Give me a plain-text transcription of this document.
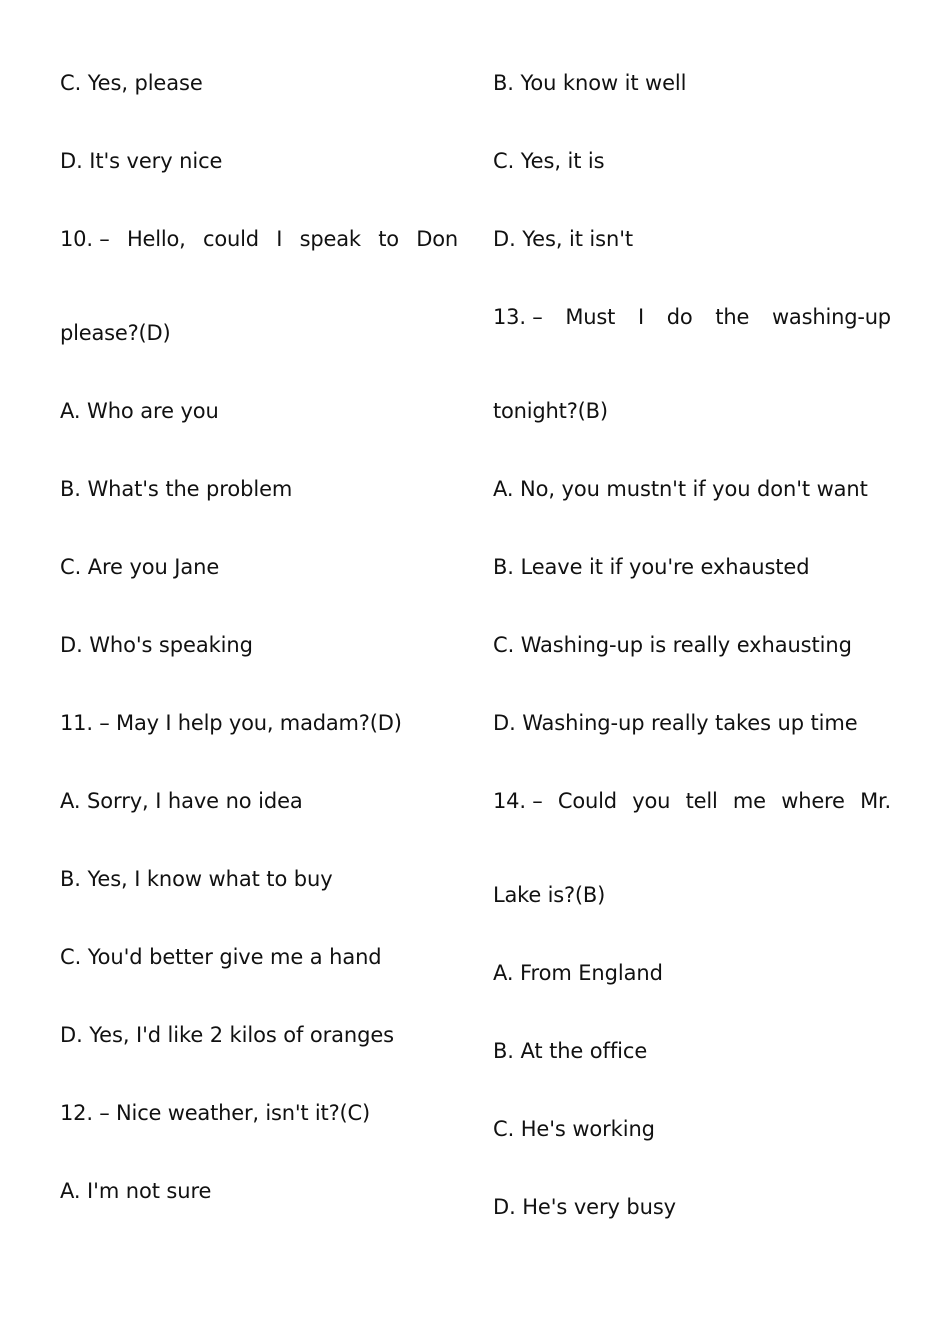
C. Yes, please
D. It's very nice
10. – Hello, could I speak to Don
please?(D)
A. Who are you
B. What's the problem
C. Are you Jane
D. Who's speaking
11. – May I help you, madam?(D)
A. Sorry, I have no idea
B. Yes, I know what to buy
C. You'd better give me a hand
D. Yes, I'd like 2 kilos of oranges
12. – Nice weather, isn't it?(C)
A. I'm not sure
B. You know it well
C. Yes, it is
D. Yes, it isn't
13. – Must I do the washing-up
tonight?(B)
A. No, you mustn't if you don't want
B. Leave it if you're exhausted
C. Washing-up is really exhausting
D. Washing-up really takes up time
14. – Could you tell me where Mr.
Lake is?(B)
A. From England
B. At the office
C. He's working
D. He's very busy
